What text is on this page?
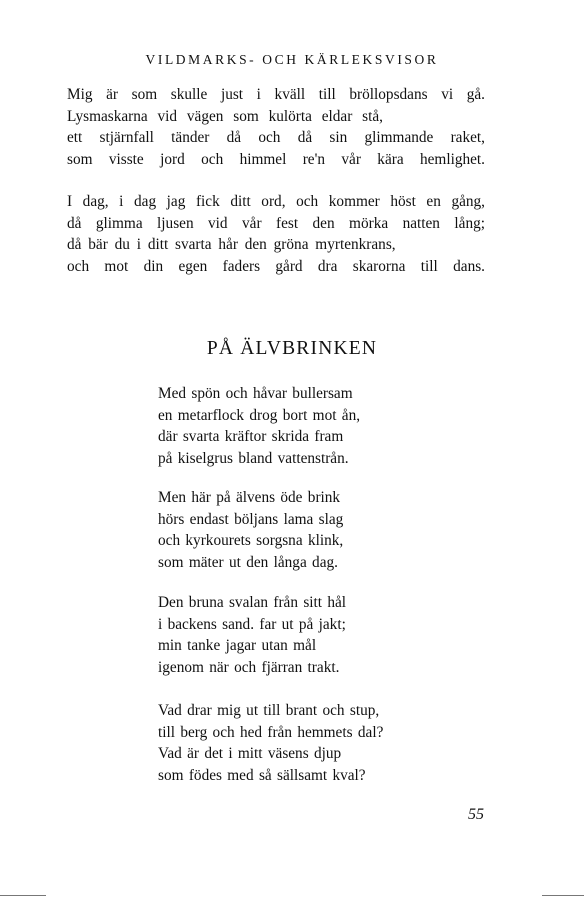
VILDMARKS- OCH KÄRLEKSVISOR
Mig är som skulle just i kväll till bröllopsdans vi gå.
Lysmaskarna vid vägen som kulörta eldar stå,
ett stjärnfall tänder då och då sin glimmande raket,
som visste jord och himmel re'n vår kära hemlighet.
I dag, i dag jag fick ditt ord, och kommer höst en gång,
då glimma ljusen vid vår fest den mörka natten lång;
då bär du i ditt svarta hår den gröna myrtenkrans,
och mot din egen faders gård dra skarorna till dans.
PÅ ÄLVBRINKEN
Med spön och håvar bullersam
en metarflock drog bort mot ån,
där svarta kräftor skrida fram
på kiselgrus bland vattenstrån.
Men här på älvens öde brink
hörs endast böljans lama slag
och kyrkourets sorgsna klink,
som mäter ut den långa dag.
Den bruna svalan från sitt hål
i backens sand. far ut på jakt;
min tanke jagar utan mål
igenom när och fjärran trakt.
Vad drar mig ut till brant och stup,
till berg och hed från hemmets dal?
Vad är det i mitt väsens djup
som födes med så sällsamt kval?
55
